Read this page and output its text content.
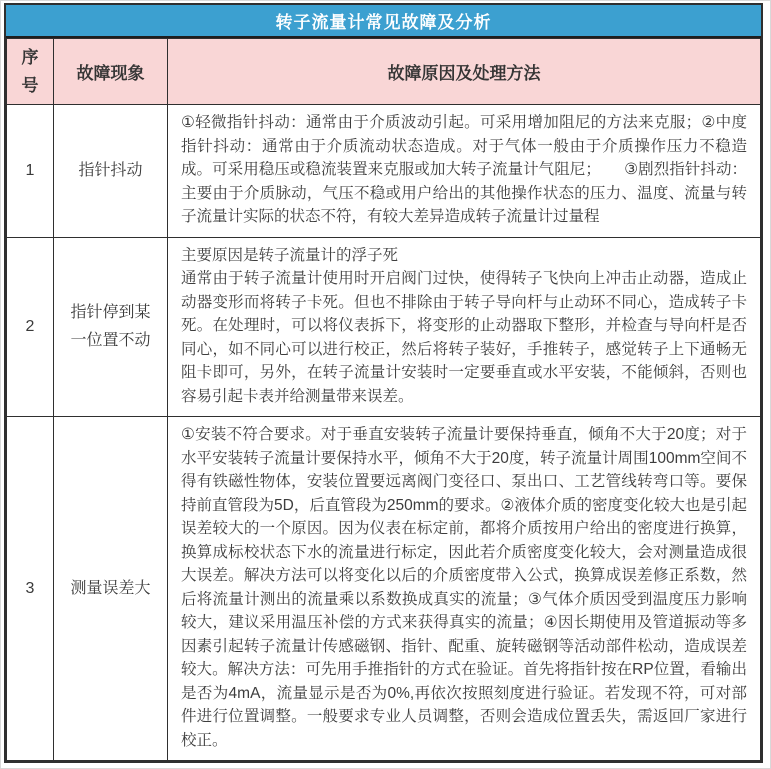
转子流量计常见故障及分析
序号	故障现象	故障原因及处理方法
1	指针抖动	①轻微指针抖动：通常由于介质波动引起。可采用增加阻尼的方法来克服；②中度指针抖动：通常由于介质流动状态造成。对于气体一般由于介质操作压力不稳造成。可采用稳压或稳流装置来克服或加大转子流量计气阻尼；　　③剧烈指针抖动：主要由于介质脉动，气压不稳或用户给出的其他操作状态的压力、温度、流量与转子流量计实际的状态不符，有较大差异造成转子流量计过量程

2	指针停到某一位置不动	主要原因是转子流量计的浮子死
通常由于转子流量计使用时开启阀门过快，使得转子飞快向上冲击止动器，造成止动器变形而将转子卡死。但也不排除由于转子导向杆与止动环不同心，造成转子卡死。在处理时，可以将仪表拆下，将变形的止动器取下整形，并检查与导向杆是否同心，如不同心可以进行校正，然后将转子装好，手推转子，感觉转子上下通畅无阻卡即可，另外，在转子流量计安装时一定要垂直或水平安装，不能倾斜，否则也容易引起卡表并给测量带来误差。

3	测量误差大	①安装不符合要求。对于垂直安装转子流量计要保持垂直，倾角不大于20度；对于水平安装转子流量计要保持水平，倾角不大于20度，转子流量计周围100mm空间不得有铁磁性物体，安装位置要远离阀门变径口、泵出口、工艺管线转弯口等。要保持前直管段为5D，后直管段为250mm的要求。②液体介质的密度变化较大也是引起误差较大的一个原因。因为仪表在标定前，都将介质按用户给出的密度进行换算，换算成标校状态下水的流量进行标定，因此若介质密度变化较大，会对测量造成很大误差。解决方法可以将变化以后的介质密度带入公式，换算成误差修正系数，然后将流量计测出的流量乘以系数换成真实的流量；③气体介质因受到温度压力影响较大，建议采用温压补偿的方式来获得真实的流量；④因长期使用及管道振动等多因素引起转子流量计传感磁钢、指针、配重、旋转磁钢等活动部件松动，造成误差较大。解决方法：可先用手推指针的方式在验证。首先将指针按在RP位置，看输出是否为4mA，流量显示是否为0%,再依次按照刻度进行验证。若发现不符，可对部件进行位置调整。一般要求专业人员调整，否则会造成位置丢失，需返回厂家进行校正。
